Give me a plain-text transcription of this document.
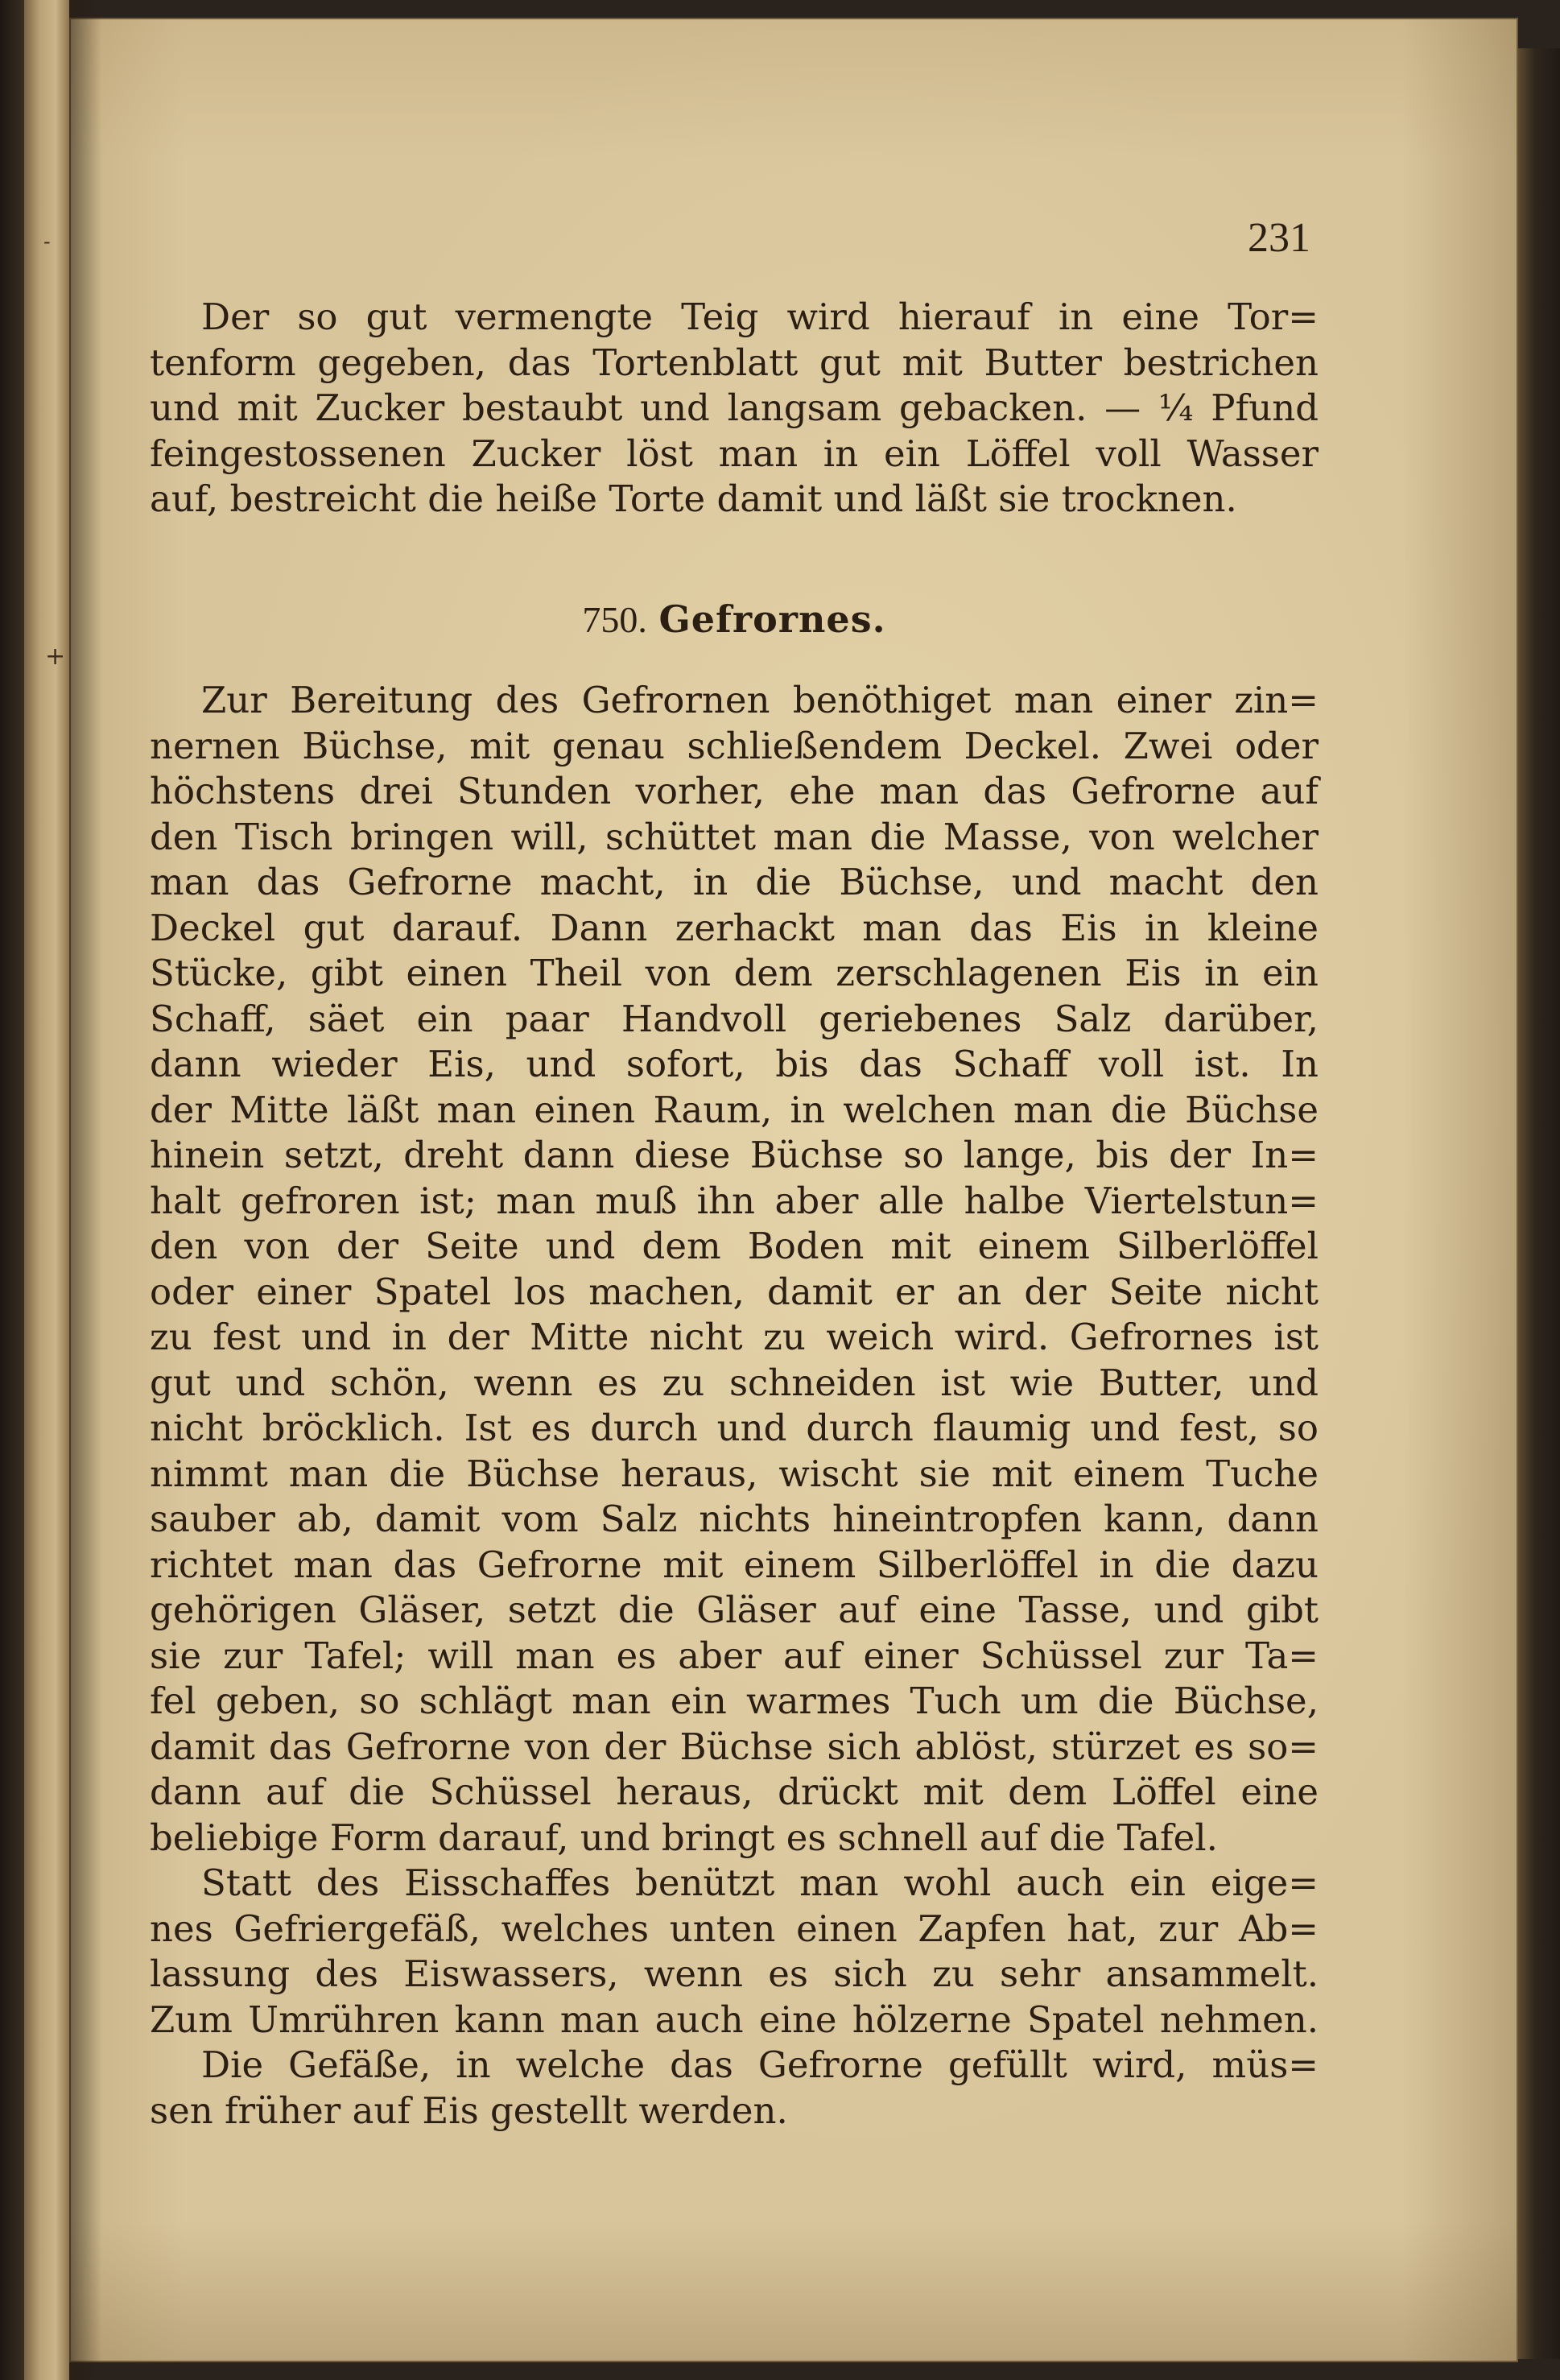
-
+
231
Der so gut vermengte Teig wird hierauf in eine Tor=
tenform gegeben, das Tortenblatt gut mit Butter bestrichen
und mit Zucker bestaubt und langsam gebacken. — ¼ Pfund
feingestossenen Zucker löst man in ein Löffel voll Wasser
auf, bestreicht die heiße Torte damit und läßt sie trocknen.
750. Gefrornes.
Zur Bereitung des Gefrornen benöthiget man einer zin=
nernen Büchse, mit genau schließendem Deckel. Zwei oder
höchstens drei Stunden vorher, ehe man das Gefrorne auf
den Tisch bringen will, schüttet man die Masse, von welcher
man das Gefrorne macht, in die Büchse, und macht den
Deckel gut darauf. Dann zerhackt man das Eis in kleine
Stücke, gibt einen Theil von dem zerschlagenen Eis in ein
Schaff, säet ein paar Handvoll geriebenes Salz darüber,
dann wieder Eis, und sofort, bis das Schaff voll ist. In
der Mitte läßt man einen Raum, in welchen man die Büchse
hinein setzt, dreht dann diese Büchse so lange, bis der In=
halt gefroren ist; man muß ihn aber alle halbe Viertelstun=
den von der Seite und dem Boden mit einem Silberlöffel
oder einer Spatel los machen, damit er an der Seite nicht
zu fest und in der Mitte nicht zu weich wird. Gefrornes ist
gut und schön, wenn es zu schneiden ist wie Butter, und
nicht bröcklich. Ist es durch und durch flaumig und fest, so
nimmt man die Büchse heraus, wischt sie mit einem Tuche
sauber ab, damit vom Salz nichts hineintropfen kann, dann
richtet man das Gefrorne mit einem Silberlöffel in die dazu
gehörigen Gläser, setzt die Gläser auf eine Tasse, und gibt
sie zur Tafel; will man es aber auf einer Schüssel zur Ta=
fel geben, so schlägt man ein warmes Tuch um die Büchse,
damit das Gefrorne von der Büchse sich ablöst, stürzet es so=
dann auf die Schüssel heraus, drückt mit dem Löffel eine
beliebige Form darauf, und bringt es schnell auf die Tafel.
Statt des Eisschaffes benützt man wohl auch ein eige=
nes Gefriergefäß, welches unten einen Zapfen hat, zur Ab=
lassung des Eiswassers, wenn es sich zu sehr ansammelt.
Zum Umrühren kann man auch eine hölzerne Spatel nehmen.
Die Gefäße, in welche das Gefrorne gefüllt wird, müs=
sen früher auf Eis gestellt werden.
